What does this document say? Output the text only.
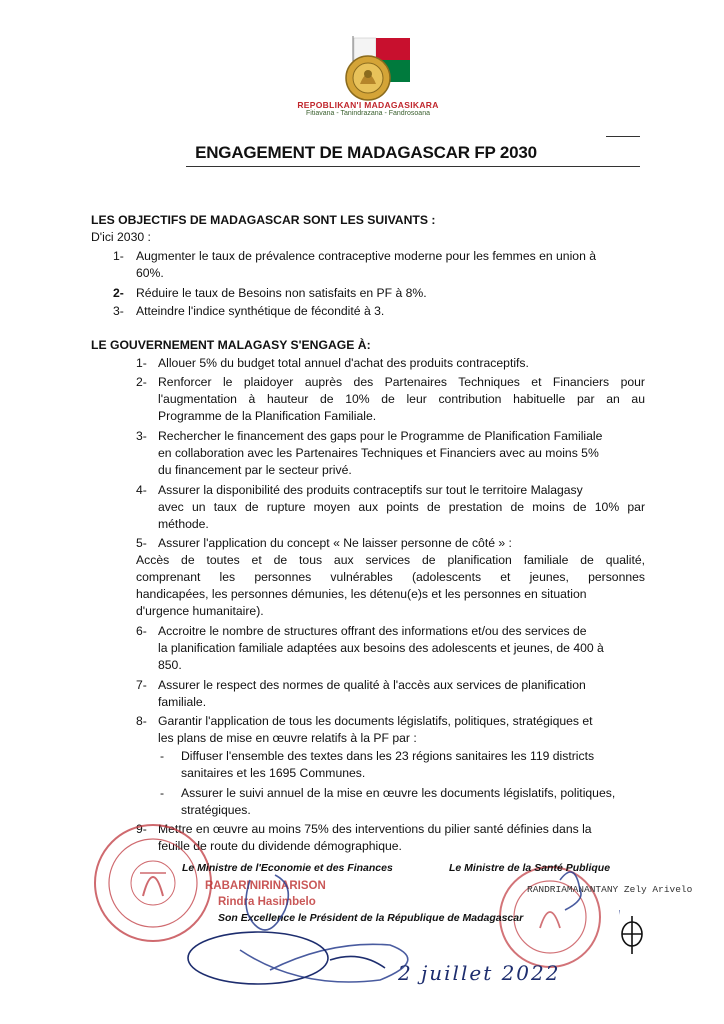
REPOBLIKAN'I MADAGASIKARA
Fitiavana - Tanindrazana - Fandrosoana
ENGAGEMENT DE MADAGASCAR FP 2030
LES OBJECTIFS DE MADAGASCAR SONT LES SUIVANTS :
D'ici 2030 :
1- Augmenter le taux de prévalence contraceptive moderne pour les femmes en union à
60%.
2- Réduire le taux de Besoins non satisfaits en PF à 8%.
3- Atteindre l'indice synthétique de fécondité à 3.
LE GOUVERNEMENT MALAGASY S'ENGAGE À:
1- Allouer 5% du budget total annuel d'achat des produits contraceptifs.
2- Renforcer le plaidoyer auprès des Partenaires Techniques et Financiers pour
l'augmentation à hauteur de 10% de leur contribution habituelle par an au
Programme de la Planification Familiale.
3- Rechercher le financement des gaps pour le Programme de Planification Familiale
en collaboration avec les Partenaires Techniques et Financiers avec au moins 5%
du financement par le secteur privé.
4- Assurer la disponibilité des produits contraceptifs sur tout le territoire Malagasy
avec un taux de rupture moyen aux points de prestation de moins de 10% par
méthode.
5- Assurer l'application du concept « Ne laisser personne de côté » :
Accès de toutes et de tous aux services de planification familiale de qualité,
comprenant les personnes vulnérables (adolescents et jeunes, personnes
handicapées, les personnes démunies, les détenu(e)s et les personnes en situation
d'urgence humanitaire).
6- Accroitre le nombre de structures offrant des informations et/ou des services de
la planification familiale adaptées aux besoins des adolescents et jeunes, de 400 à
850.
7- Assurer le respect des normes de qualité à l'accès aux services de planification
familiale.
8- Garantir l'application de tous les documents législatifs, politiques, stratégiques et
les plans de mise en œuvre relatifs à la PF par :
- Diffuser l'ensemble des textes dans les 23 régions sanitaires les 119 districts
sanitaires et les 1695 Communes.
- Assurer le suivi annuel de la mise en œuvre les documents législatifs, politiques,
stratégiques.
9- Mettre en œuvre au moins 75% des interventions du pilier santé définies dans la
feuille de route du dividende démographique.
Le Ministre de l'Economie et des Finances	Le Ministre de la Santé Publique
RABARINIRINARISON
Rindra Hasimbelo
RANDRIAMANANTANY Zely Arivelo
Son Excellence le Président de la République de Madagascar
2 juillet 2022
